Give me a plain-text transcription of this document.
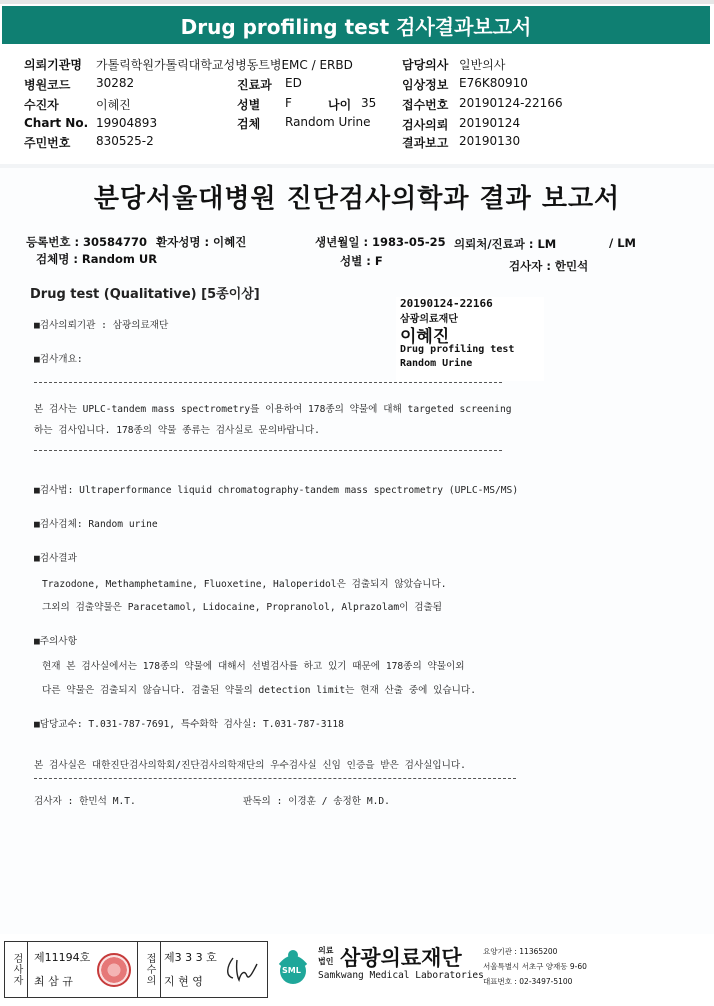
Drug profiling test 검사결과보고서
의뢰기관명 가톨릭학원가톨릭대학교성병동트병EMC / ERBD	담당의사 일반의사
병원코드 30282	진료과 ED	임상정보 E76K80910
수진자	이혜진	성별 F	나이 35 접수번호 20190124-22166
Chart No. 19904893	검체 Random Urine	검사의뢰 20190124
주민번호 830525-2	결과보고 20190130
분당서울대병원 진단검사의학과 결과 보고서
등록번호 : 30584770 환자성명 : 이혜진	생년월일 : 1983-05-25 의뢰처/진료과 : LM	/ LM
검체명 : Random UR	성별 : F	검사자 : 한민석
Drug test (Qualitative) [5종이상]
20190124-22166
삼광의료재단
이혜진
Drug profiling test
Random Urine
■검사의뢰기관 : 삼광의료재단
■검사개요:
본 검사는 UPLC-tandem mass spectrometry를 이용하여 178종의 약물에 대해 targeted screening
하는 검사입니다. 178종의 약물 종류는 검사실로 문의바랍니다.
■검사법: Ultraperformance liquid chromatography-tandem mass spectrometry (UPLC-MS/MS)
■검사검체: Random urine
■검사결과
Trazodone, Methamphetamine, Fluoxetine, Haloperidol은 검출되지 않았습니다.
그외의 검출약물은 Paracetamol, Lidocaine, Propranolol, Alprazolam이 검출됨
■주의사항
현재 본 검사실에서는 178종의 약물에 대해서 선별검사를 하고 있기 때문에 178종의 약물이외
다른 약물은 검출되지 않습니다. 검출된 약물의 detection limit는 현재 산출 중에 있습니다.
■담당교수: T.031-787-7691, 특수화학 검사실: T.031-787-3118
본 검사실은 대한진단검사의학회/진단검사의학재단의 우수검사실 신임 인증을 받은 검사실입니다.
검사자 : 한민석 M.T.	판독의 : 이경훈 / 송정한 M.D.
검사자 제11194호
최 삼 규	접수의 제3 3 3 호
지 현 영
SML
의료
법인 삼광의료재단
Samkwang Medical Laboratories
요양기관 : 11365200
서울특별시 서초구 양재동 9-60
대표번호 : 02-3497-5100
